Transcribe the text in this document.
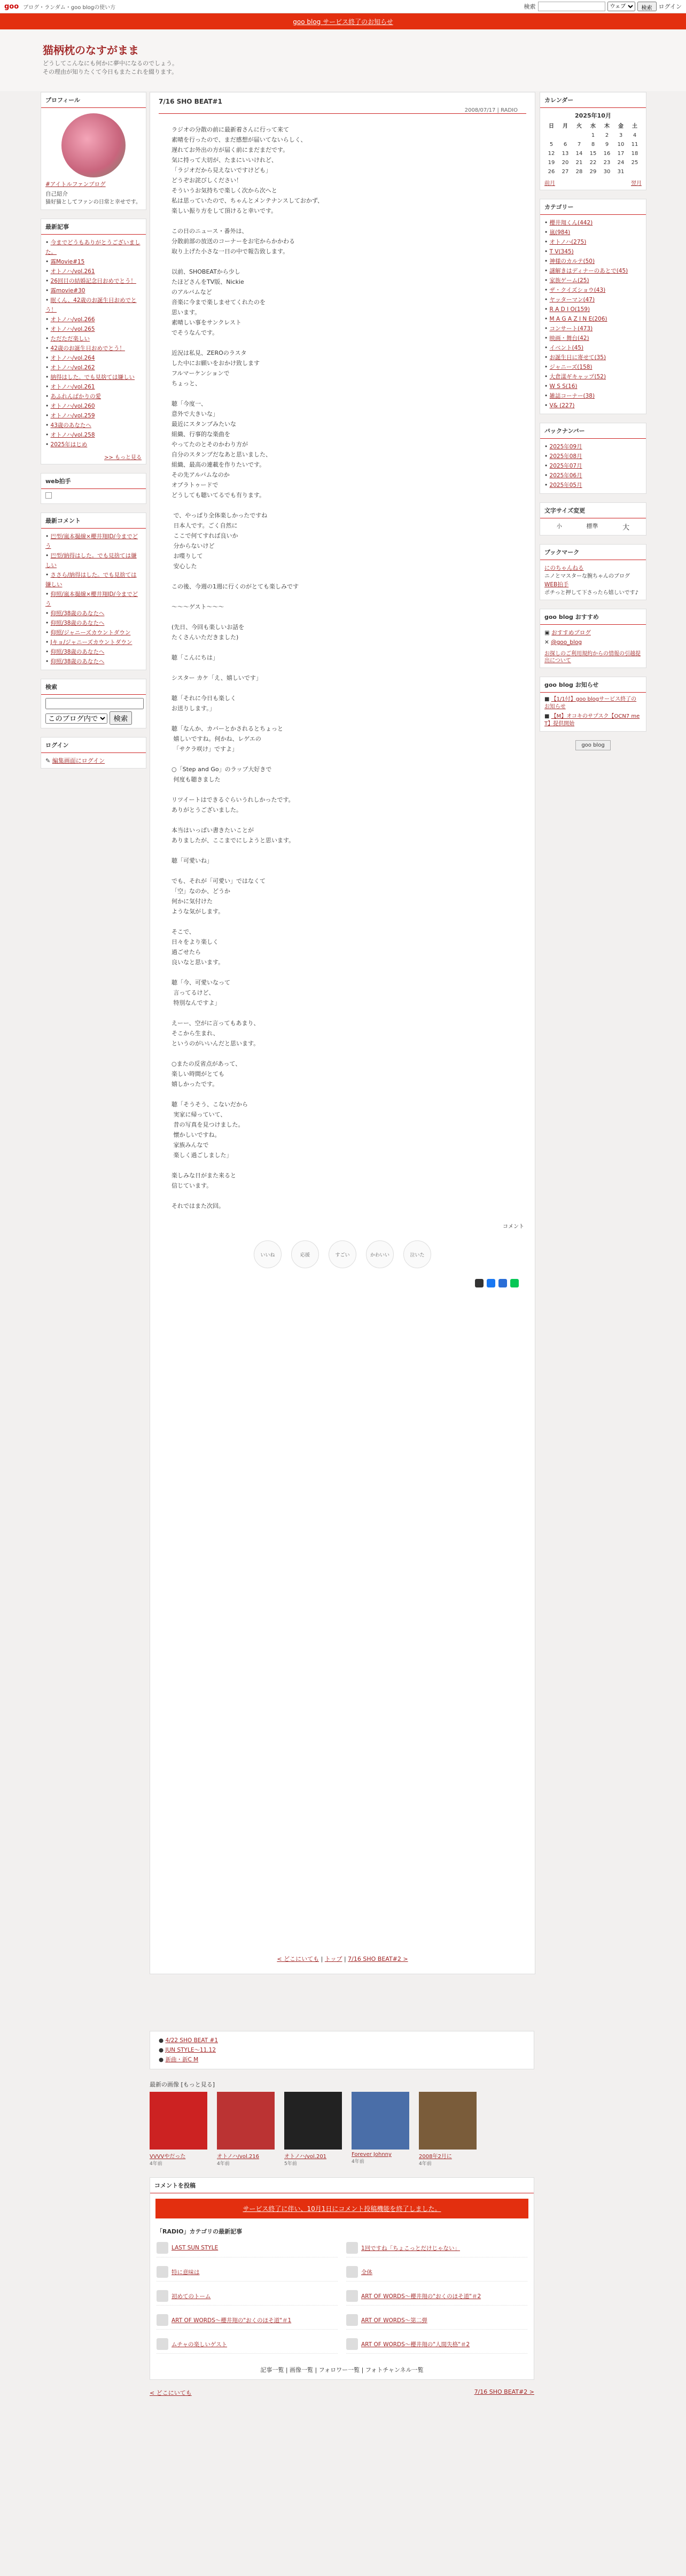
goo ブログ・ランダム・goo blogの使い方	検索
ウェブ	検索	ログイン
goo blog サービス終了のお知らせ
猫柄枕のなすがまま
どうしてこんなにも何かに夢中になるのでしょう。
その理由が知りたくて今日もまたこれを綴ります。
プロフィール
#アイトルファンブログ
自己紹介
猫好猫としてファンの日常と幸せです。
最新記事
• 今までどうもありがとうございました。
• 霧Movie#15
• オトノハ/vol.261
• 26回目の結婚記念日おめでとう！
• 霧movie#30
• 眠くん、42歳のお誕生日おめでとう！
• オトノハ/vol.266
• オトノハ/vol.265
• ただただ楽しい
• 42歳のお誕生日おめでとう！
• オトノハ/vol.264
• オトノハ/vol.262
• 納得はした。でも見捨ては嫌しい
• オトノハ/vol.261
• あふれんばかりの愛
• オトノハ/vol.260
• オトノハ/vol.259
• 43歳のあなたへ
• オトノハ/vol.258
• 2025年はじめ
>> もっと見る
web拍手
最新コメント
• 巴型/嵐本撮線×櫻井翔ID/今までどう
• 巴型/納得はした。でも見捨ては嫌しい
• ささら/納得はした。でも見捨ては嫌しい
• 仰照/嵐本撮線×櫻井翔ID/今までどう
• 仰照/38歳のあなたへ
• 仰照/38歳のあなたへ
• 仰照/ジャニーズカウントダウン
• Jキョ/ジャニーズカウントダウン
• 仰照/38歳のあなたへ
• 仰照/38歳のあなたへ
検索
このブログ内で 検索
ログイン
✎ 編集画面にログイン
7/16 SHO BEAT#1
2008/07/17 | RADIO
ラジオの分散の前に最新着さんに行って来て
素晴を行ったので、まだ感想が届いてないらしく、
遅れてお外出の方が届く前にまだまだです。
気に持って大切が、たまにいいけれど、
「ラジオだから見えないですけども」
どうぞお詫びしください！
そういうお気持ちで楽しく次から次へと
私は思っていたので、ちゃんとメンテナンスしておかず、
楽しい振り方をして頂けると幸いです。

この日のニュース・番外は、
分散前部の放送のコーナーをお宅からかかわる
取り上げた小さな一日の中で報告致します。

以前、SHOBEATから少し
たほどさんをTV版、Nickie
のアルバムなど
音楽に今まで楽しませてくれたのを
思います。
素晴しい事をサンクレスト
でそうなんです。

近況は私見、ZEROのラスタ
した中にお願いをおかけ致します
フルマーケンションで
ちょっと、

聴「今度一、
意外で大きいな」
最近にスタンプみたいな
組織、行事的な楽曲を
やってたのとそのかわり方が
自分のスタンプだなあと思いました、
組織、最高の連載を作りたいです。
その先アルバムなのか
オブラトゥードで
どうしても聴いてるでも有ります。

で、やっぱり全体楽しかったですね
日本人です。ごく自然に
ここで何てすれば良いか
分からないけど
お喋りして
安心した

この後、今週の1週に行くのがとても楽しみです

〜〜〜ゲスト〜〜〜

(先日、今回も楽しいお話を
たくさんいただきました)

聴「こんにちは」

シスター カケ「え、嬉しいです」

聴「それに今日も楽しく
お送りします。」

聴「なんか、カバーとかされるとちょっと
嬉しいですね。何かね、レゲエの
「サクラ咲け」ですよ」

○「Step and Go」のラップ大好きで
何度も聴きました

リツイートはできるぐらいうれしかったです。
ありがとうございました。

本当はいっぱい書きたいことが
ありましたが、ここまでにしようと思います。

聴「可愛いね」

でも、それが「可愛い」ではなくて
「空」なのか、どうか
何かに気付けた
ような気がします。

そこで、
日々をより楽しく
過ごせたら
良いなと思います。

聴「今、可愛いなって
言ってるけど、
特別なんですよ」

えーー、空がに言ってもあまり、
そこから生まれ、
というのがいいんだと思います。

○またの反省点があって、
楽しい時間がとても
嬉しかったです。

聴「そうそう、こないだから
実家に帰っていて、
昔の写真を見つけました。
懐かしいですね。
家族みんなで
楽しく過ごしました」

楽しみな日がまた来ると
信じています。

それではまた次回。
コメント
いいね	応援	すごい	かわいい	泣いた
< どこにいても | トップ | 7/16 SHO BEAT#2 >
● 4/22 SHO BEAT #1
● JUN STYLE〜11.12
● 新曲・新C M
最新の画像 [もっと見る]
VVVVやだった
4年前
オトノハ/vol.216
4年前
オトノハ/vol.201
5年前
Forever Johnny
4年前
2008年2月に
4年前
コメントを投稿
サービス終了に伴い、10月1日にコメント投稿機能を終了しました。
「RADIO」カテゴリの最新記事
LAST SUN STYLE	1回ですね「ちょこっとだけじゃない」
特に意味は	全体
初めてのトーム	ART OF WORDS〜櫻井翔の"おくのほそ道"＃2
ART OF WORDS〜櫻井翔の"おくのほそ道"＃1	ART OF WORDS〜第二弾
ムチャの楽しいゲスト	ART OF WORDS〜櫻井翔の"人間失格"＃2
記事一覧 | 画像一覧 | フォロワー一覧 | フォトチャンネル一覧
< どこにいても	7/16 SHO BEAT#2 >
カレンダー
2025年10月
日	月	火	水	木	金	土
			1	2	3	4
5	6	7	8	9	10	11
12	13	14	15	16	17	18
19	20	21	22	23	24	25
26	27	28	29	30	31	
前月	翌月
カテゴリー
• 櫻井翔くん(442)
• 嵐(984)
• オトノハ(275)
• T V(345)
• 神様のカルテ(50)
• 謎解きはディナーのあとで(45)
• 家族ゲーム(25)
• ザ・クイズショウ(43)
• ヤッターマン(47)
• R A D I O(159)
• M A G A Z I N E(206)
• コンサート(473)
• 映画・舞台(42)
• イベント(45)
• お誕生日に寄せて(35)
• ジャニーズ(158)
• 大倉漾ギキャップ(52)
• W S S(16)
• 雑誌コーナー(38)
• V& (227)
バックナンバー
• 2025年09月
• 2025年08月
• 2025年07月
• 2025年06月
• 2025年05月
文字サイズ変更
小	標準	大
ブックマーク
にのちゃんねる
ニノとマスターな腕ちゃんのブログ
WEB拍手
ポチっと押して下さったら嬉しいです♪
goo blog おすすめ
▣ おすすめブログ
✕ @goo_blog
お探しのご利用規約からの情報の引越提出について
goo blog お知らせ
■ 【1/1付】goo blogサービス終了のお知らせ
■ 【M】オコキのサプスク【OCN7 me T】提供開始
goo blog
